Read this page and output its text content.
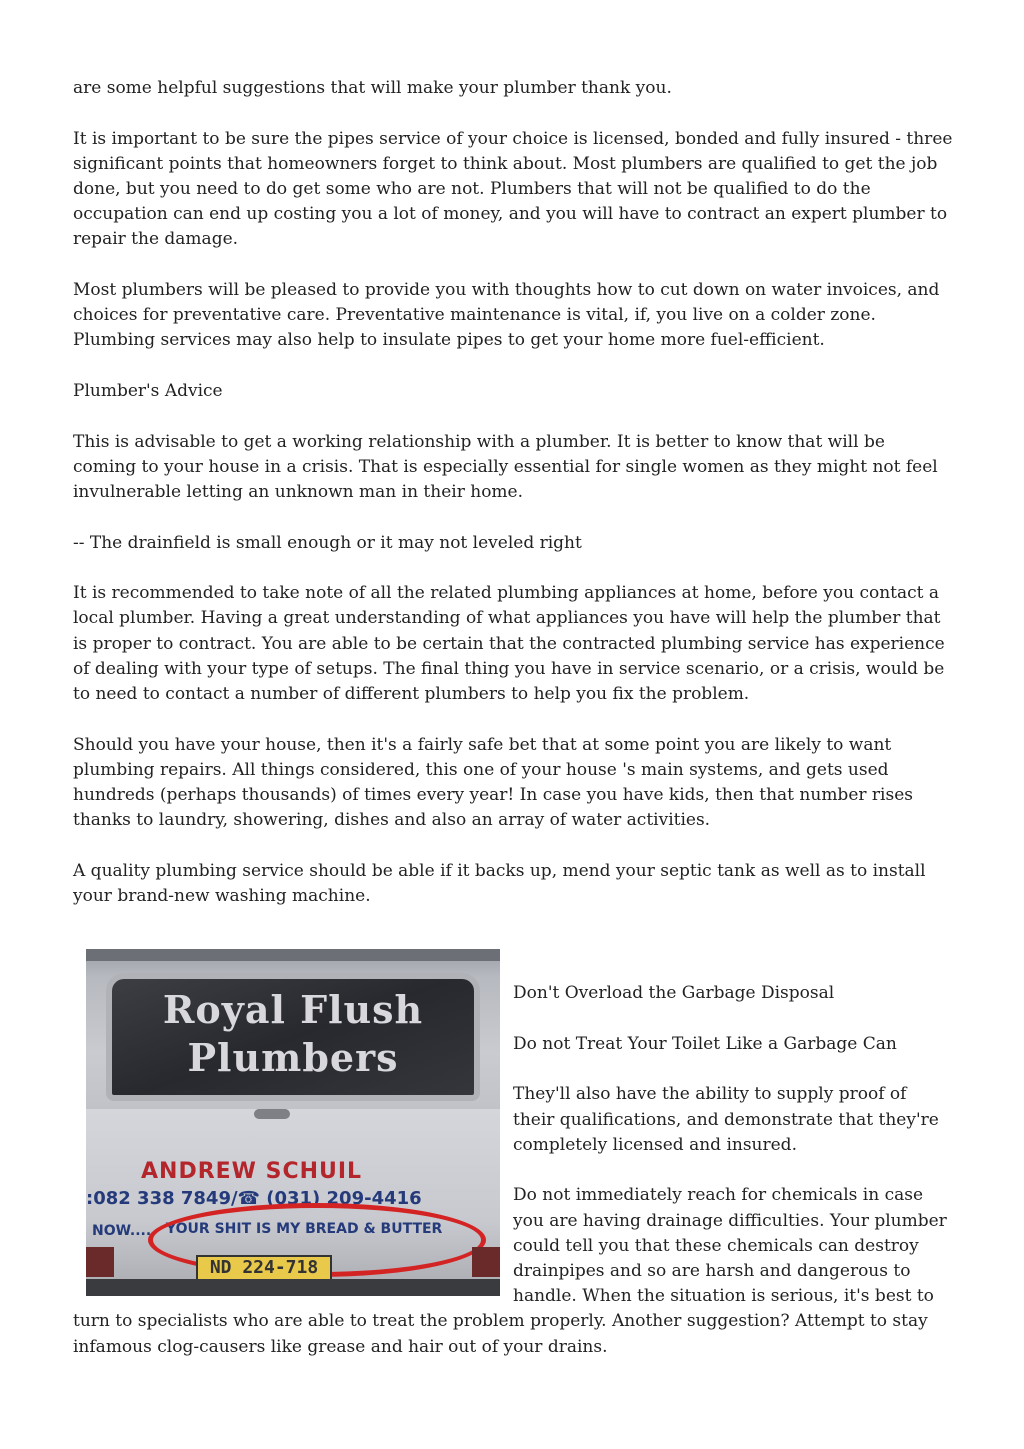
are some helpful suggestions that will make your plumber thank you.

It is important to be sure the pipes service of your choice is licensed, bonded and fully insured - three significant points that homeowners forget to think about. Most plumbers are qualified to get the job done, but you need to do get some who are not. Plumbers that will not be qualified to do the occupation can end up costing you a lot of money, and you will have to contract an expert plumber to repair the damage.

Most plumbers will be pleased to provide you with thoughts how to cut down on water invoices, and choices for preventative care. Preventative maintenance is vital, if, you live on a colder zone. Plumbing services may also help to insulate pipes to get your home more fuel-efficient.

Plumber's Advice

This is advisable to get a working relationship with a plumber. It is better to know that will be coming to your house in a crisis. That is especially essential for single women as they might not feel invulnerable letting an unknown man in their home.

-- The drainfield is small enough or it may not leveled right

It is recommended to take note of all the related plumbing appliances at home, before you contact a local plumber. Having a great understanding of what appliances you have will help the plumber that is proper to contract. You are able to be certain that the contracted plumbing service has experience of dealing with your type of setups. The final thing you have in service scenario, or a crisis, would be to need to contact a number of different plumbers to help you fix the problem.

Should you have your house, then it's a fairly safe bet that at some point you are likely to want plumbing repairs. All things considered, this one of your house 's main systems, and gets used hundreds (perhaps thousands) of times every year! In case you have kids, then that number rises thanks to laundry, showering, dishes and also an array of water activities.

A quality plumbing service should be able if it backs up, mend your septic tank as well as to install your brand-new washing machine.

Royal Flush
Plumbers
ANDREW SCHUIL
:082 338 7849/☎ (031) 209-4416
NOW.... YOUR SHIT IS MY BREAD & BUTTER
ND 224-718

Don't Overload the Garbage Disposal

Do not Treat Your Toilet Like a Garbage Can

They'll also have the ability to supply proof of their qualifications, and demonstrate that they're completely licensed and insured.

Do not immediately reach for chemicals in case you are having drainage difficulties. Your plumber could tell you that these chemicals can destroy drainpipes and so are harsh and dangerous to handle. When the situation is serious, it's best to turn to specialists who are able to treat the problem properly. Another suggestion? Attempt to stay infamous clog-causers like grease and hair out of your drains.
